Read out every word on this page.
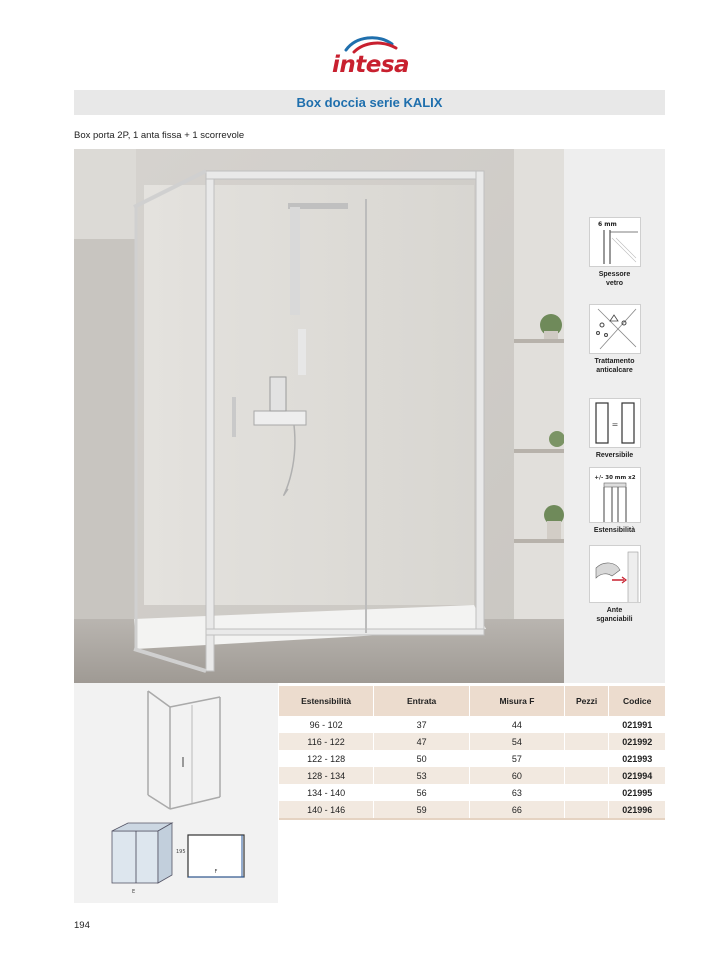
intesa
Box doccia serie KALIX
Box porta 2P, 1 anta fissa + 1 scorrevole
6 mm
Spessore
vetro
Trattamento
anticalcare
=
Reversibile
+/- 30 mm x2
Estensibilità
Ante
sganciabili
195
E
F
Estensibilità	Entrata	Misura F	Pezzi	Codice
96 - 102	37	44		021991
116 - 122	47	54		021992
122 - 128	50	57		021993
128 - 134	53	60		021994
134 - 140	56	63		021995
140 - 146	59	66		021996
194
